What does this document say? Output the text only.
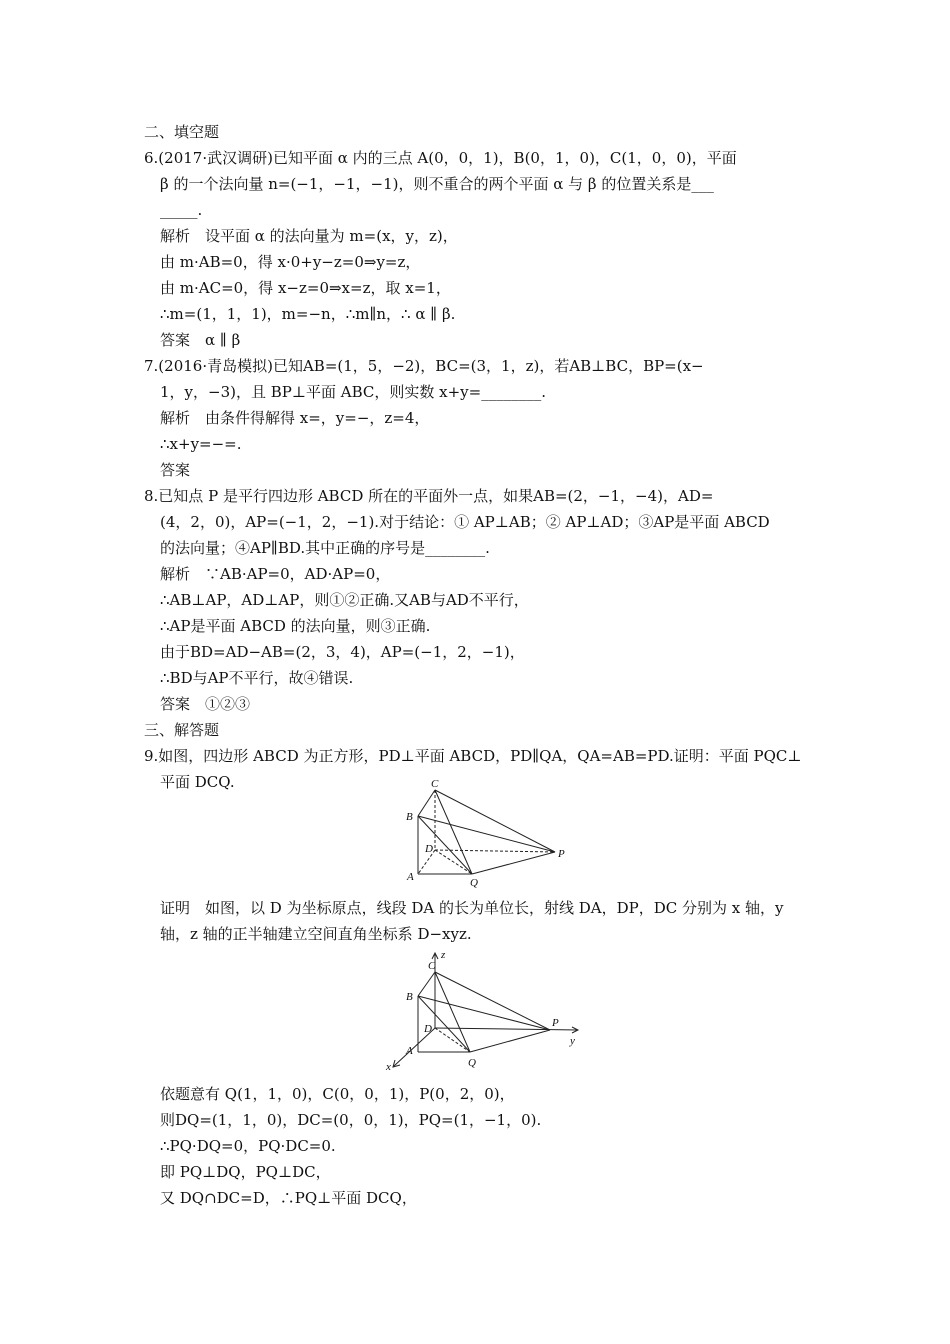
二、填空题
6.(2017·武汉调研)已知平面 α 内的三点 A(0，0，1)，B(0，1，0)，C(1，0，0)，平面
β 的一个法向量 n=(−1，−1，−1)，则不重合的两个平面 α 与 β 的位置关系是___
_____.
解析　设平面 α 的法向量为 m=(x，y，z)，
由 m·AB=0，得 x·0+y−z=0⇒y=z，
由 m·AC=0，得 x−z=0⇒x=z，取 x=1，
∴m=(1，1，1)，m=−n，∴m∥n，∴ α ∥ β.
答案　α ∥ β
7.(2016·青岛模拟)已知AB=(1，5，−2)，BC=(3，1，z)，若AB⊥BC，BP=(x−
1，y，−3)，且 BP⊥平面 ABC，则实数 x+y=________.
解析　由条件得解得 x=，y=−，z=4，
∴x+y=−=.
答案
8.已知点 P 是平行四边形 ABCD 所在的平面外一点，如果AB=(2，−1，−4)，AD=
(4，2，0)，AP=(−1，2，−1).对于结论：① AP⊥AB；② AP⊥AD；③AP是平面 ABCD
的法向量；④AP∥BD.其中正确的序号是________.
解析　∵AB·AP=0，AD·AP=0，
∴AB⊥AP，AD⊥AP，则①②正确.又AB与AD不平行，
∴AP是平面 ABCD 的法向量，则③正确.
由于BD=AD−AB=(2，3，4)，AP=(−1，2，−1)，
∴BD与AP不平行，故④错误.
答案　①②③
三、解答题
9.如图，四边形 ABCD 为正方形，PD⊥平面 ABCD，PD∥QA，QA=AB=PD.证明：平面 PQC⊥
平面 DCQ.	C
B
D
A	Q
P
证明　如图，以 D 为坐标原点，线段 DA 的长为单位长，射线 DA，DP，DC 分别为 x 轴，y
轴，z 轴的正半轴建立空间直角坐标系 D−xyz.
C
B
D
A
Q
P
z
y
x
依题意有 Q(1，1，0)，C(0，0，1)，P(0，2，0)，
则DQ=(1，1，0)，DC=(0，0，1)，PQ=(1，−1，0).
∴PQ·DQ=0，PQ·DC=0.
即 PQ⊥DQ，PQ⊥DC，
又 DQ∩DC=D，∴PQ⊥平面 DCQ，
